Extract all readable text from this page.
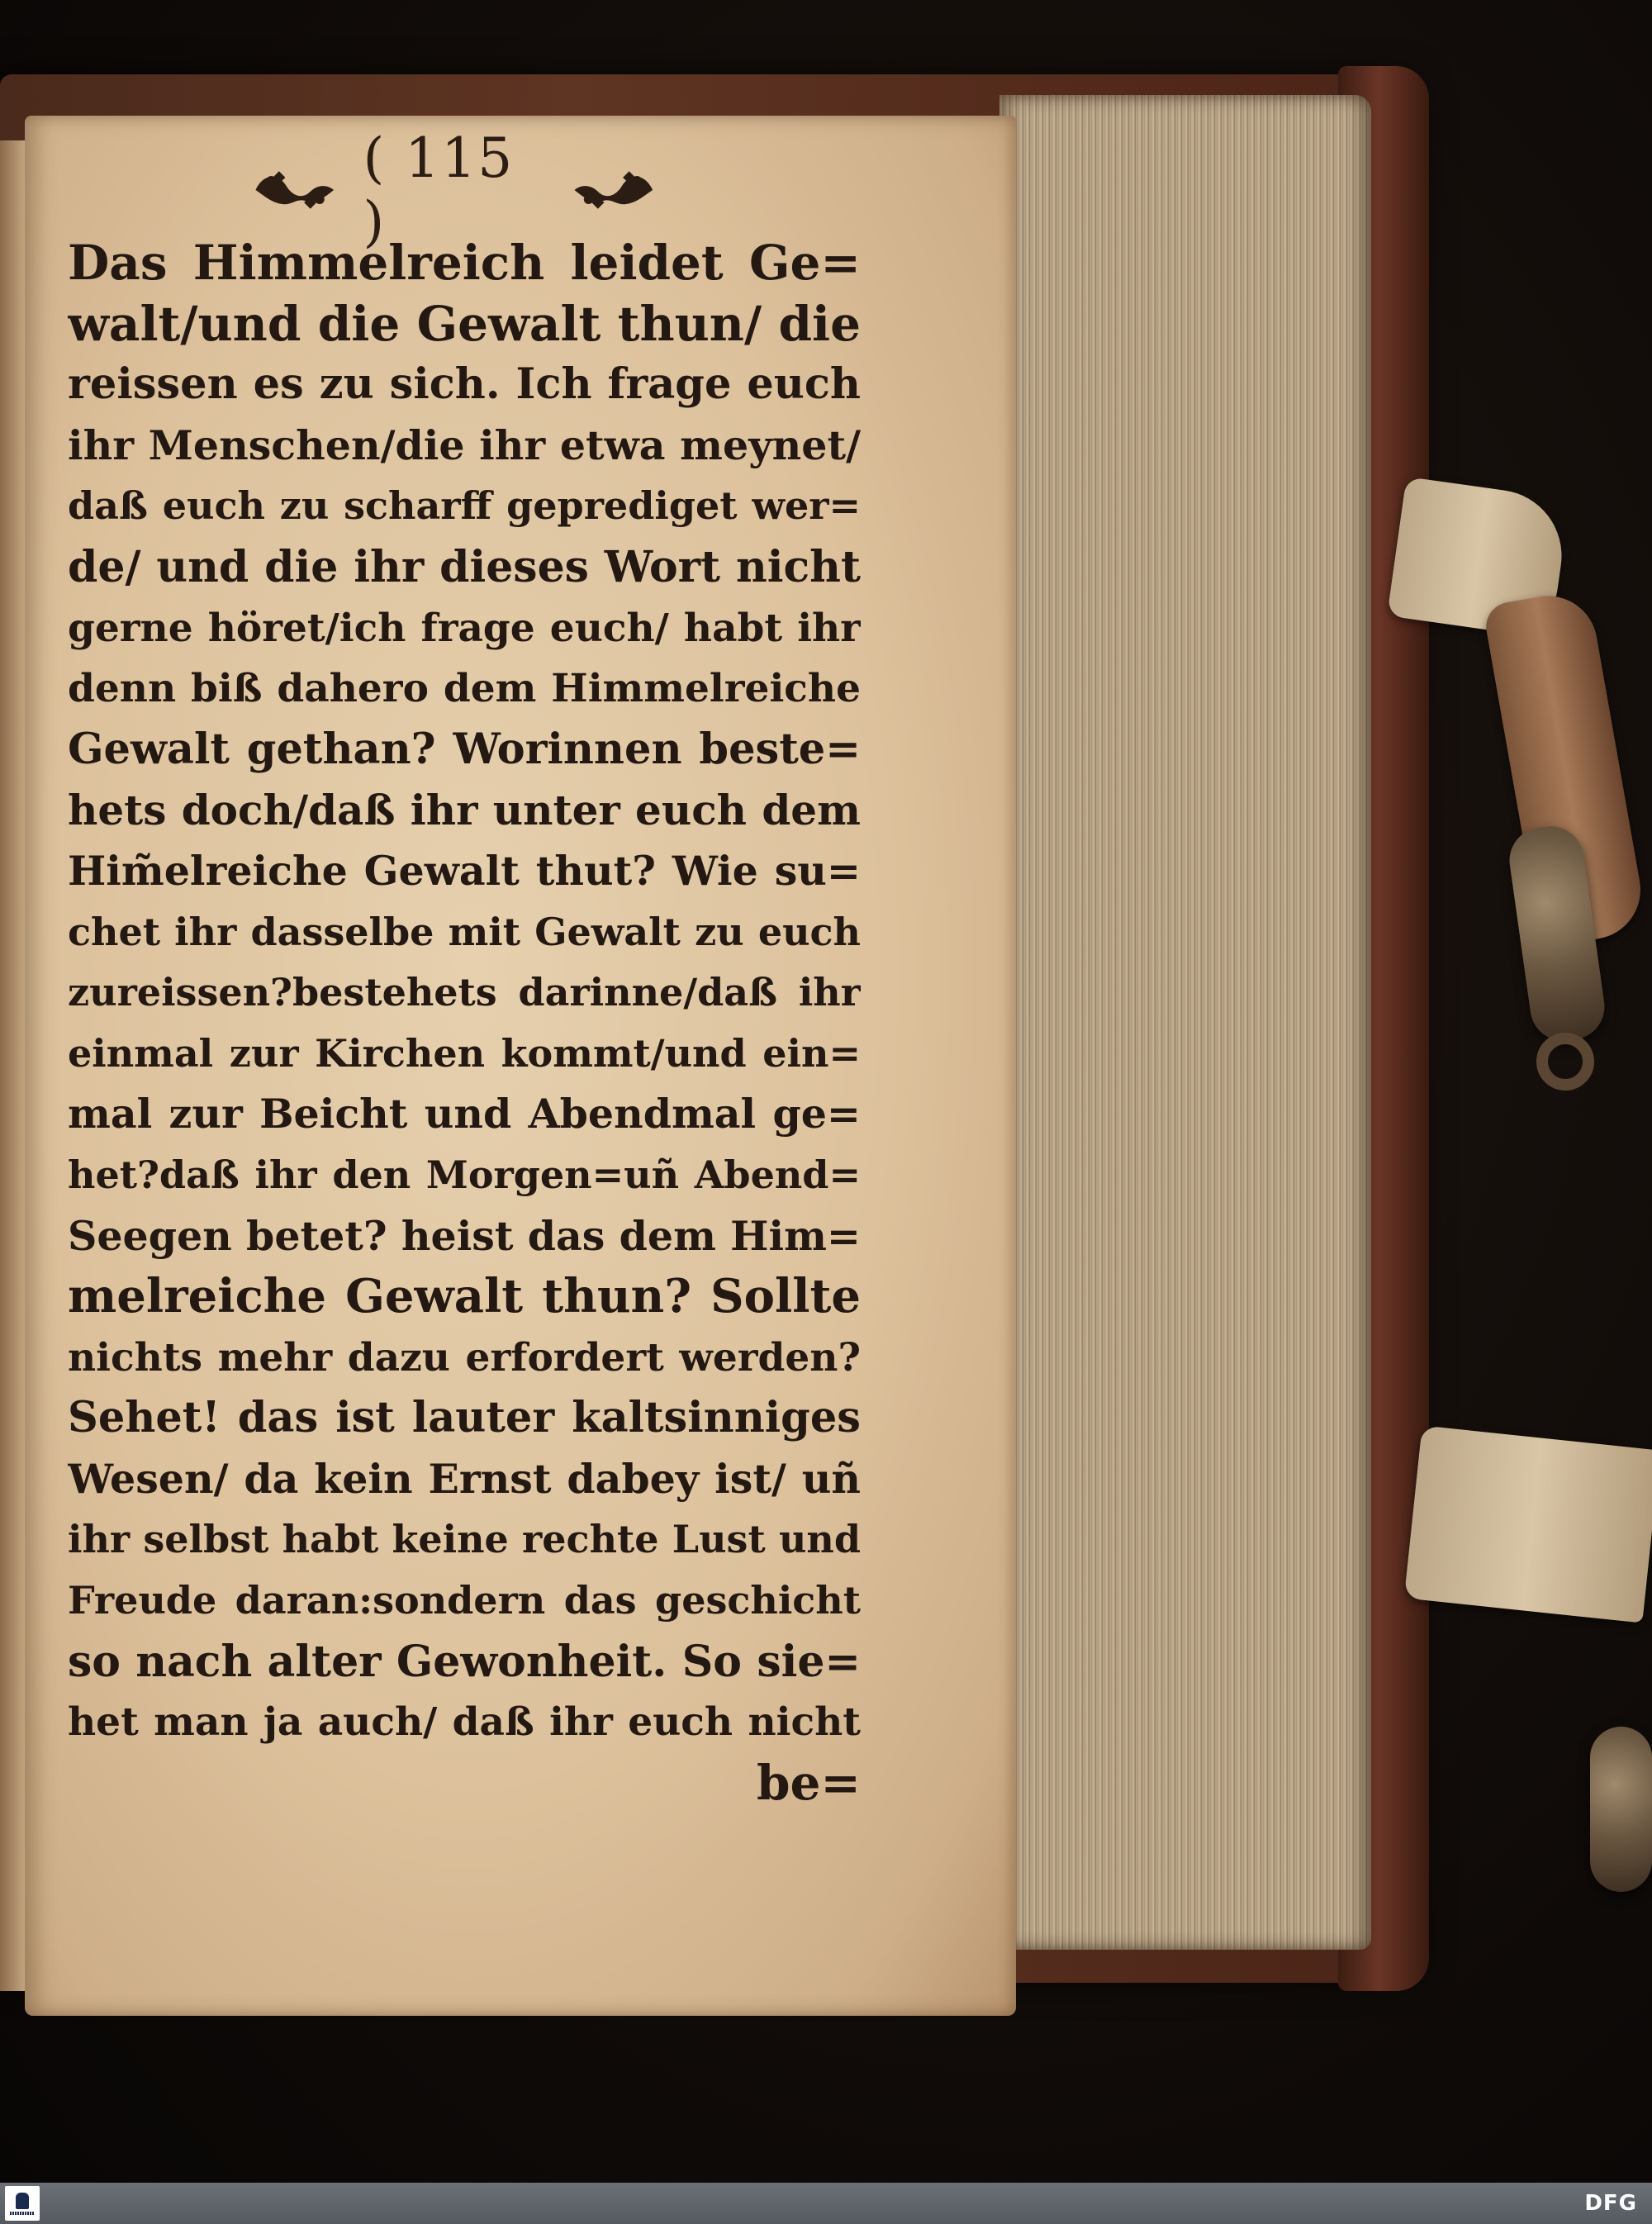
( 115 )
Das Himmelreich leidet Ge=
walt/und die Gewalt thun/ die
reissen es zu sich. Ich frage euch
ihr Menschen/die ihr etwa meynet/
daß euch zu scharff geprediget wer=
de/ und die ihr dieses Wort nicht
gerne höret/ich frage euch/ habt ihr
denn biß dahero dem Himmelreiche
Gewalt gethan? Worinnen beste=
hets doch/daß ihr unter euch dem
Him̃elreiche Gewalt thut? Wie su=
chet ihr dasselbe mit Gewalt zu euch
zureissen?bestehets darinne/daß ihr
einmal zur Kirchen kommt/und ein=
mal zur Beicht und Abendmal ge=
het?daß ihr den Morgen=uñ Abend=
Seegen betet? heist das dem Him=
melreiche Gewalt thun? Sollte
nichts mehr dazu erfordert werden?
Sehet! das ist lauter kaltsinniges
Wesen/ da kein Ernst dabey ist/ uñ
ihr selbst habt keine rechte Lust und
Freude daran:sondern das geschicht
so nach alter Gewonheit. So sie=
het man ja auch/ daß ihr euch nicht
be=
DFG
